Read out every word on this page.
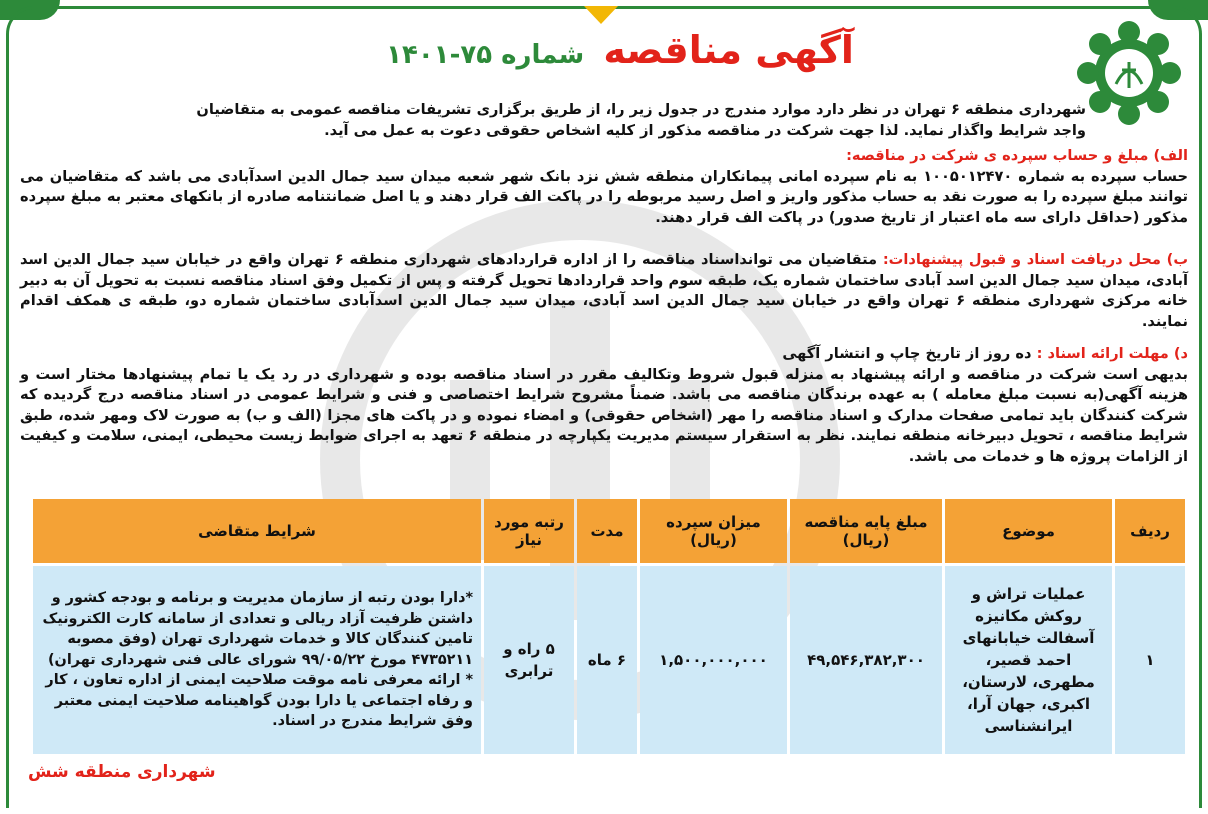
آگهی مناقصه شماره ۷۵-۱۴۰۱

شهرداری منطقه ۶ تهران در نظر دارد موارد مندرج در جدول زیر را، از طریق برگزاری تشریفات مناقصه عمومی به متقاضیان

واجد شرایط واگذار نماید. لذا جهت شرکت در مناقصه مذکور از کلیه اشخاص حقوقی دعوت به عمل می آید.

الف) مبلغ و حساب سپرده ی شرکت در مناقصه:

حساب سپرده به شماره ۱۰۰۵۰۱۲۴۷۰ به نام سپرده امانی پیمانکاران منطقه شش نزد بانک شهر شعبه میدان سید جمال الدین اسدآبادی می باشد که متقاضیان می توانند مبلغ سپرده را به صورت نقد به حساب مذکور واریز و اصل رسید مربوطه را در پاکت الف قرار دهند و یا اصل ضمانتنامه صادره از بانکهای معتبر به مبلغ سپرده مذکور (حداقل دارای سه ماه اعتبار از تاریخ صدور) در پاکت الف قرار دهند.

ب) محل دریافت اسناد و قبول پیشنهادات: متقاضیان می توانداسناد مناقصه را از اداره قراردادهای شهرداری منطقه ۶ تهران واقع در خیابان سید جمال الدین اسد آبادی، میدان سید جمال الدین اسد آبادی ساختمان شماره یک، طبقه سوم واحد قراردادها تحویل گرفته و پس از تکمیل وفق اسناد مناقصه نسبت به تحویل آن به دبیر خانه مرکزی شهرداری منطقه ۶ تهران واقع در خیابان سید جمال الدین اسد آبادی، میدان سید جمال الدین اسدآبادی ساختمان شماره دو، طبقه ی همکف اقدام نمایند.

د) مهلت ارائه اسناد : ده روز از تاریخ چاپ و انتشار آگهی

بدیهی است شرکت در مناقصه و ارائه پیشنهاد به منزله قبول شروط وتکالیف مقرر در اسناد مناقصه بوده و شهرداری در رد یک یا تمام پیشنهادها مختار است و هزینه آگهی(به نسبت مبلغ معامله ) به عهده برندگان مناقصه می باشد. ضمناً مشروح شرایط اختصاصی و فنی و شرایط عمومی در اسناد مناقصه درج گردیده که شرکت کنندگان باید تمامی صفحات مدارک و اسناد مناقصه را مهر (اشخاص حقوقی) و امضاء نموده و در پاکت های مجزا (الف و ب) به صورت لاک ومهر شده، طبق شرایط مناقصه ، تحویل دبیرخانه منطقه نمایند. نظر به استقرار سیستم مدیریت یکپارچه در منطقه ۶ تعهد به اجرای ضوابط زیست محیطی، ایمنی، سلامت و کیفیت از الزامات پروژه ها و خدمات می باشد.

ردیف	موضوع	مبلغ پایه مناقصه (ریال)	میزان سپرده (ریال)	مدت	رتبه مورد نیاز	شرایط متقاضی
۱	عملیات تراش و روکش مکانیزه آسفالت خیابانهای احمد قصیر، مطهری، لارستان، اکبری، جهان آرا، ایرانشناسی	۴۹,۵۴۶,۳۸۲,۳۰۰	۱,۵۰۰,۰۰۰,۰۰۰	۶ ماه	۵ راه و ترابری	*دارا بودن رتبه از سازمان مدیریت و برنامه و بودجه کشور و داشتن ظرفیت آزاد ریالی و تعدادی از سامانه کارت الکترونیک تامین کنندگان کالا و خدمات شهرداری تهران (وفق مصوبه ۴۷۳۵۲۱۱ مورخ ۹۹/۰۵/۲۲ شورای عالی فنی شهرداری تهران) * ارائه معرفی نامه موقت صلاحیت ایمنی از اداره تعاون ، کار و رفاه اجتماعی یا دارا بودن گواهینامه صلاحیت ایمنی معتبر وفق شرایط مندرج در اسناد.
شهرداری منطقه شش
